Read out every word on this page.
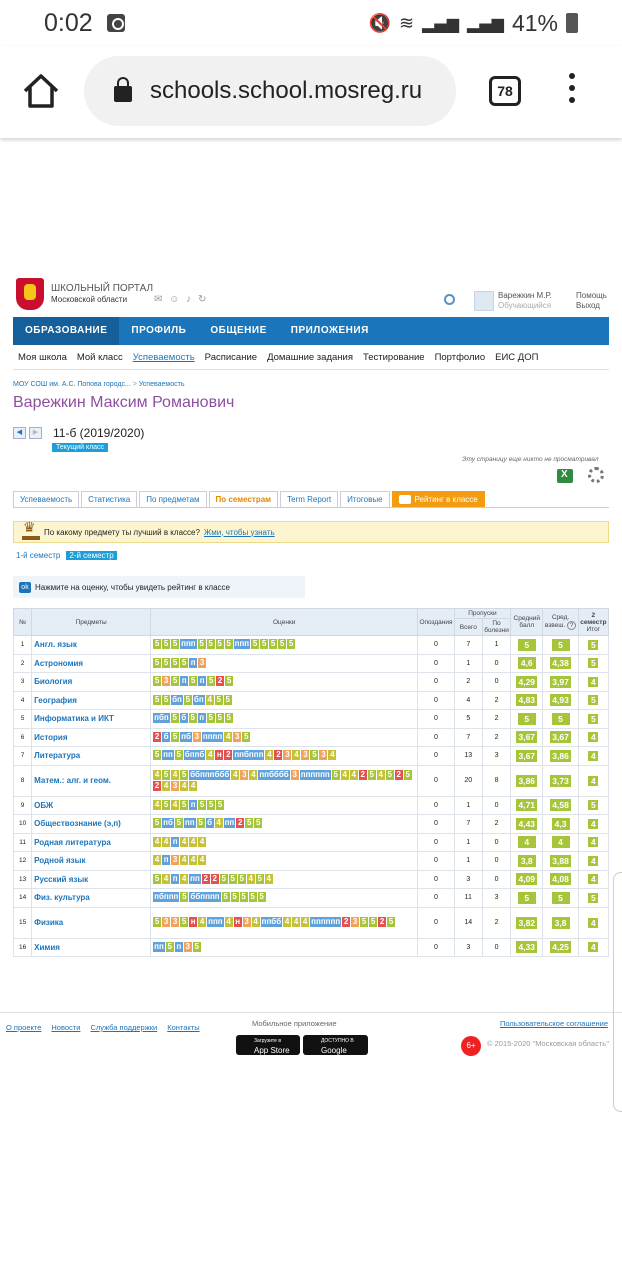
0:02	🔇 ≋ ▂▄▆ ▂▄▆ 41%
schools.school.mosreg.ru	78
ШКОЛЬНЫЙ ПОРТАЛ
Московской области	✉ ☺ ♪ ↻	Варежкин М.Р.
Обучающийся
Помощь
Выход
ОБРАЗОВАНИЕ	ПРОФИЛЬ	ОБЩЕНИЕ	ПРИЛОЖЕНИЯ
Моя школа	Мой класс	Успеваемость	Расписание	Домашние задания	Тестирование	Портфолио	ЕИС ДОП
МОУ СОШ им. А.С. Попова городс... > Успеваемость
Варежкин Максим Романович
◀	▶	11-б (2019/2020)
Текущий класс
Эту страницу еще никто не просматривал
X
Успеваемость	Статистика	По предметам	По семестрам	Term Report	Итоговые	Рейтинг в классе
♛
По какому предмету ты лучший в классе? Жми, чтобы узнать
1-й семестр	2-й семестр
ok Нажмите на оценку, чтобы увидеть рейтинг в классе
№	Предметы	Оценки	Опоздания	Пропуски		Средний балл	Сред. взвеш. ?	2 семестр
Итог
				Всего	По болезни			
1	Англ. язык	5 5 5 ппп 5 5 5 5 ппп 5 5 5 5 5	0	7	1	5	5	5
2	Астрономия	5 5 5 5 п 3	0	1	0	4,6	4,38	5
3	Биология	5 3 5 п 5 п 5 2 5	0	2	0	4,29	3,97	4
4	География	5 5 бп 5 бп 4 5 5	0	4	2	4,83	4,93	5
5	Информатика и ИКТ	пбп 5 б 5 п 5 5 5	0	5	2	5	5	5
6	История	2 б 5 пб 3 пппп 4 3 5	0	7	2	3,67	3,67	4
7	Литература	5 пп 5 бппб 4 н 2 ппбппп 4 2 3 4 3 5 3 4	0	13	3	3,67	3,86	4
8	Матем.: алг. и геом.	4 5 4 5 ббпппббб 4 3 4 ппбббб 3 пппппп 5 4 4 2 5 4 5 2 52 4 3 4 4	0	20	8	3,86	3,73	4
9	ОБЖ	4 5 4 5 п 5 5 5	0	1	0	4,71	4,58	5
10	Обществознание (э,п)	5 пб 5 пп 5 б 4 пп 2 5 5	0	7	2	4,43	4,3	4
11	Родная литература	4 4 п 4 4 4	0	1	0	4	4	4
12	Родной язык	4 п 3 4 4 4	0	1	0	3,8	3,88	4
13	Русский язык	5 4 п 4 пп 2 2 5 5 5 4 5 4	0	3	0	4,09	4,08	4
14	Физ. культура	пбппп 5 ббпппп 5 5 5 5 5	0	11	3	5	5	5
15	Физика	5 3 3 5 н 4 ппп 4 н 3 4 ппбб 4 4 4 пппппп 2 3 5 5 2 5	0	14	2	3,82	3,8	4
16	Химия	пп 5 п 3 5	0	3	0	4,33	4,25	4
О проекте Новости Служба поддержки Контакты	Мобильное приложение
Загрузите в
App Store
ДОСТУПНО В
Google Play
Пользовательское соглашение
6+	© 2015-2020 "Московская область"
